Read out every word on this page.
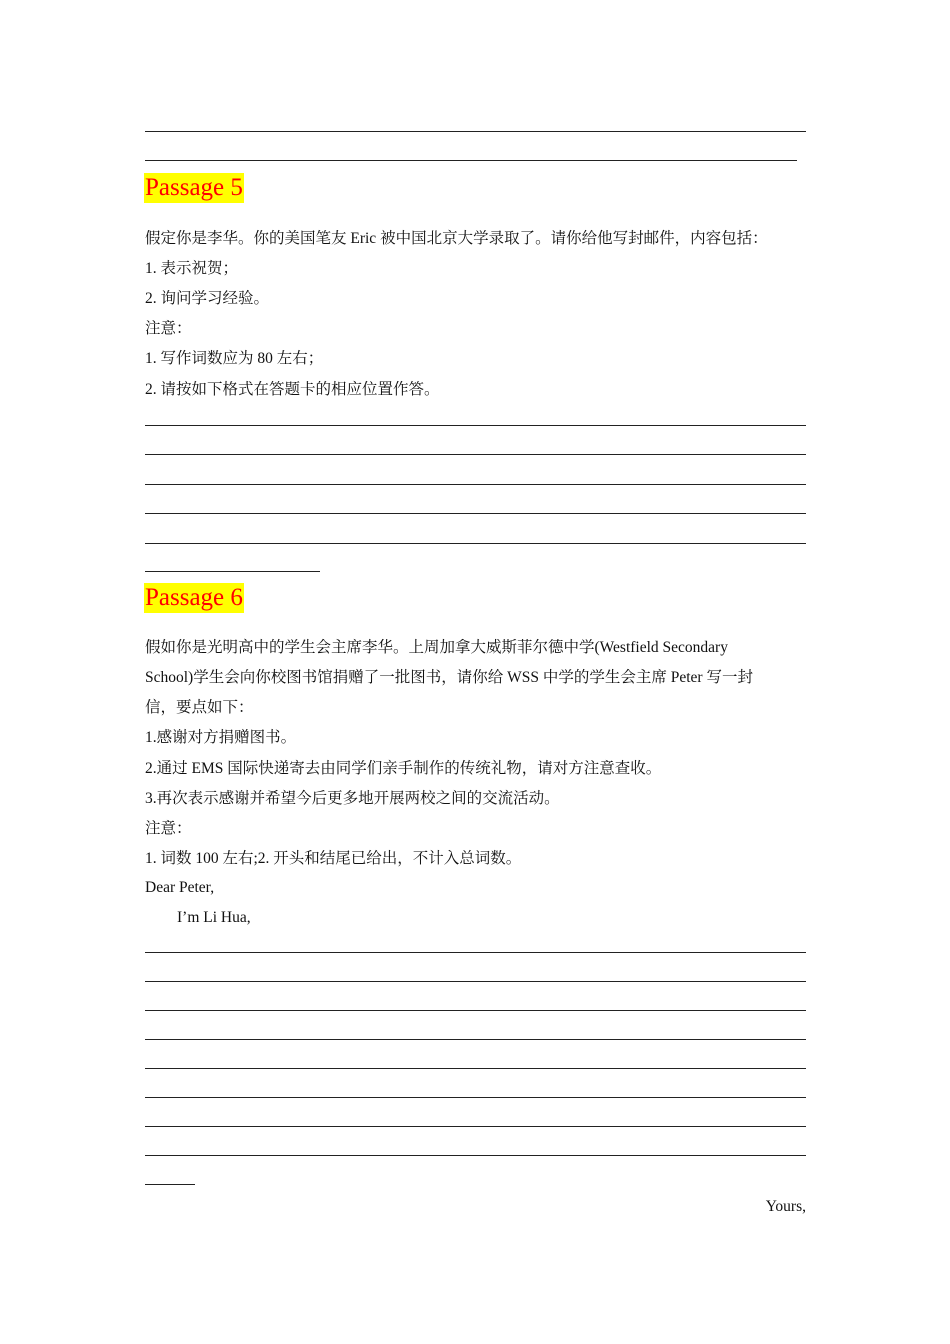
Passage 5
假定你是李华。你的美国笔友 Eric 被中国北京大学录取了。请你给他写封邮件，内容包括：
1. 表示祝贺；
2. 询问学习经验。
注意：
1. 写作词数应为 80 左右；
2. 请按如下格式在答题卡的相应位置作答。
Passage 6
假如你是光明高中的学生会主席李华。上周加拿大威斯菲尔德中学(Westfield Secondary
School)学生会向你校图书馆捐赠了一批图书，请你给 WSS 中学的学生会主席 Peter 写一封
信，要点如下：
1.感谢对方捐赠图书。
2.通过 EMS 国际快递寄去由同学们亲手制作的传统礼物，请对方注意查收。
3.再次表示感谢并希望今后更多地开展两校之间的交流活动。
注意：
1. 词数 100 左右;2. 开头和结尾已给出，不计入总词数。
Dear Peter,
I’m Li Hua,
Yours,
